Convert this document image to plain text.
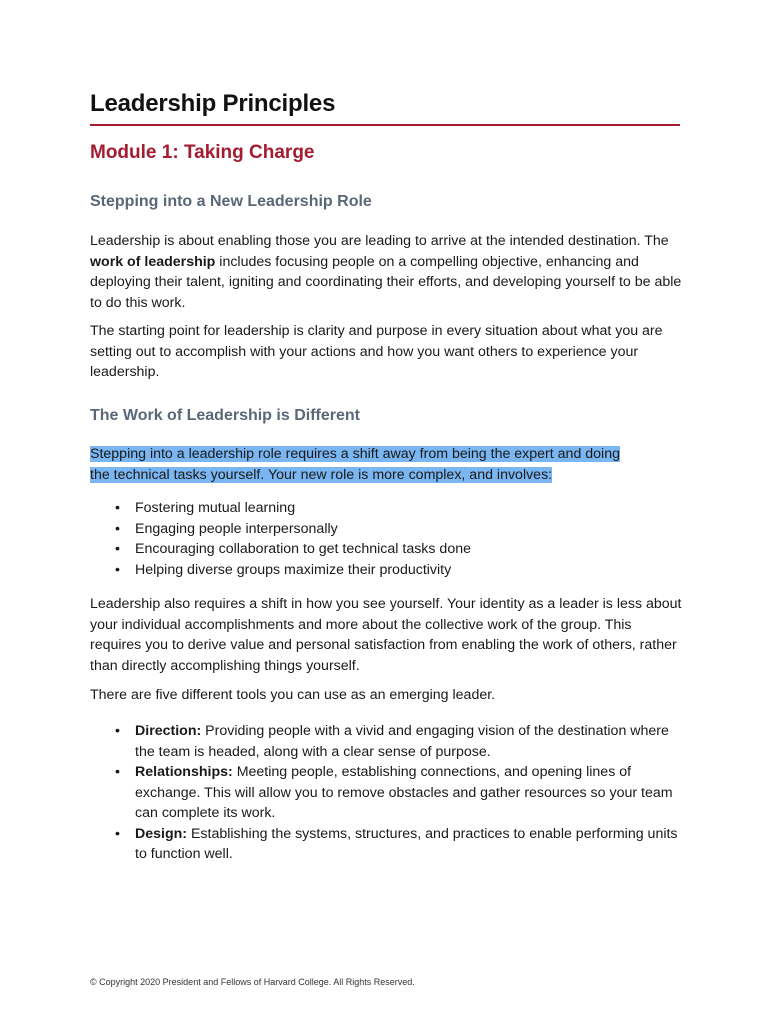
Leadership Principles
Module 1: Taking Charge
Stepping into a New Leadership Role

Leadership is about enabling those you are leading to arrive at the intended destination. The work of leadership includes focusing people on a compelling objective, enhancing and deploying their talent, igniting and coordinating their efforts, and developing yourself to be able to do this work.

The starting point for leadership is clarity and purpose in every situation about what you are setting out to accomplish with your actions and how you want others to experience your leadership.

The Work of Leadership is Different

Stepping into a leadership role requires a shift away from being the expert and doing
the technical tasks yourself. Your new role is more complex, and involves:

• Fostering mutual learning
• Engaging people interpersonally
• Encouraging collaboration to get technical tasks done
• Helping diverse groups maximize their productivity

Leadership also requires a shift in how you see yourself. Your identity as a leader is less about your individual accomplishments and more about the collective work of the group. This requires you to derive value and personal satisfaction from enabling the work of others, rather than directly accomplishing things yourself.

There are five different tools you can use as an emerging leader.

• Direction: Providing people with a vivid and engaging vision of the destination where the team is headed, along with a clear sense of purpose.
• Relationships: Meeting people, establishing connections, and opening lines of exchange. This will allow you to remove obstacles and gather resources so your team can complete its work.
• Design: Establishing the systems, structures, and practices to enable performing units to function well.
© Copyright 2020 President and Fellows of Harvard College. All Rights Reserved.
